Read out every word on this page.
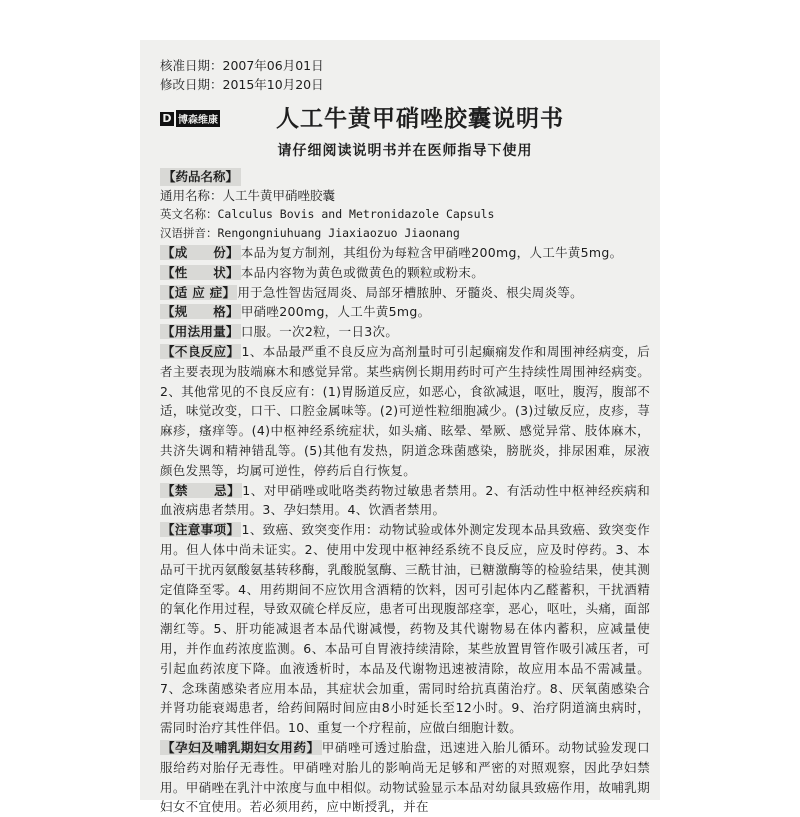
核准日期：2007年06月01日
修改日期：2015年10月20日
D 博森维康	人工牛黄甲硝唑胶囊说明书
请仔细阅读说明书并在医师指导下使用
【药品名称】
通用名称：人工牛黄甲硝唑胶囊
英文名称：Calculus Bovis and Metronidazole Capsuls
汉语拼音：Rengongniuhuang Jiaxiaozuo Jiaonang
【成　　份】 本品为复方制剂，其组份为每粒含甲硝唑200mg，人工牛黄5mg。
【性　　状】 本品内容物为黄色或微黄色的颗粒或粉末。
【适 应 症】 用于急性智齿冠周炎、局部牙槽脓肿、牙髓炎、根尖周炎等。
【规　　格】 甲硝唑200mg，人工牛黄5mg。
【用法用量】 口服。一次2粒，一日3次。
【不良反应】 1、本品最严重不良反应为高剂量时可引起癫痫发作和周围神经病变，后者主要表现为肢端麻木和感觉异常。某些病例长期用药时可产生持续性周围神经病变。2、其他常见的不良反应有：(1)胃肠道反应，如恶心，食欲减退，呕吐，腹泻，腹部不适，味觉改变，口干、口腔金属味等。(2)可逆性粒细胞减少。(3)过敏反应，皮疹，荨麻疹，瘙痒等。(4)中枢神经系统症状，如头痛、眩晕、晕厥、感觉异常、肢体麻木，共济失调和精神错乱等。(5)其他有发热，阴道念珠菌感染，膀胱炎，排尿困难，尿液颜色发黑等，均属可逆性，停药后自行恢复。
【禁　　忌】 1、对甲硝唑或吡咯类药物过敏患者禁用。2、有活动性中枢神经疾病和血液病患者禁用。3、孕妇禁用。4、饮酒者禁用。
【注意事项】 1、致癌、致突变作用：动物试验或体外测定发现本品具致癌、致突变作用。但人体中尚未证实。2、使用中发现中枢神经系统不良反应，应及时停药。3、本品可干扰丙氨酸氨基转移酶，乳酸脱氢酶、三酰甘油，已糖激酶等的检验结果，使其测定值降至零。4、用药期间不应饮用含酒精的饮料，因可引起体内乙醛蓄积，干扰酒精的氧化作用过程，导致双硫仑样反应，患者可出现腹部痉挛，恶心，呕吐，头痛，面部潮红等。5、肝功能减退者本品代谢减慢，药物及其代谢物易在体内蓄积，应减量使用，并作血药浓度监测。6、本品可自胃液持续清除，某些放置胃管作吸引减压者，可引起血药浓度下降。血液透析时，本品及代谢物迅速被清除，故应用本品不需减量。7、念珠菌感染者应用本品，其症状会加重，需同时给抗真菌治疗。8、厌氧菌感染合并肾功能衰竭患者，给药间隔时间应由8小时延长至12小时。9、治疗阴道滴虫病时，需同时治疗其性伴侣。10、重复一个疗程前，应做白细胞计数。
【孕妇及哺乳期妇女用药】 甲硝唑可透过胎盘，迅速进入胎儿循环。动物试验发现口服给药对胎仔无毒性。甲硝唑对胎儿的影响尚无足够和严密的对照观察，因此孕妇禁用。甲硝唑在乳汁中浓度与血中相似。动物试验显示本品对幼鼠具致癌作用，故哺乳期妇女不宜使用。若必须用药，应中断授乳，并在
